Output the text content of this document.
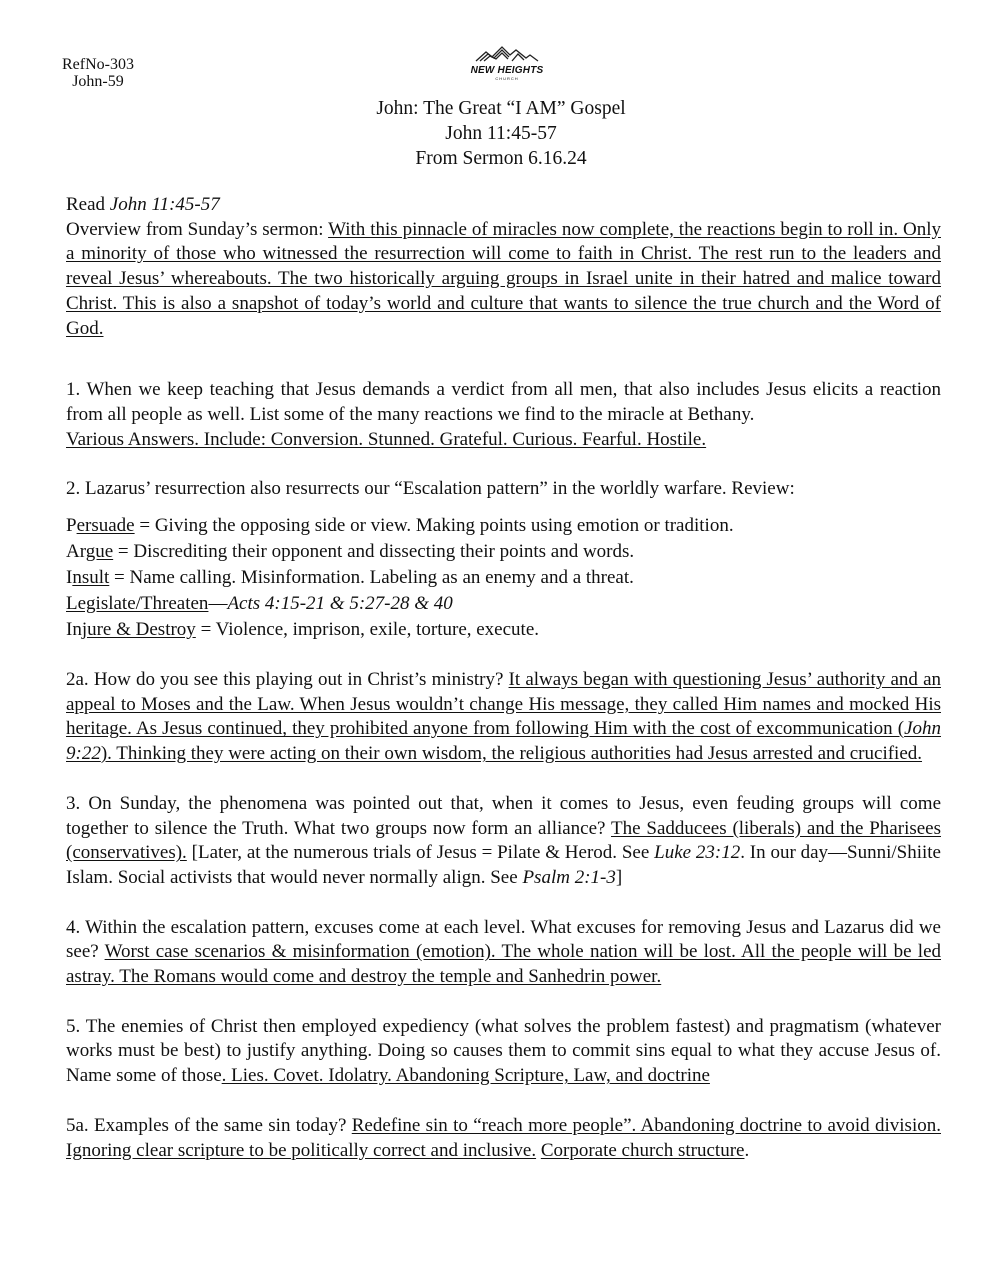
RefNo-303
John-59
NEW HEIGHTS
CHURCH
John: The Great “I AM” Gospel
John 11:45-57
From Sermon 6.16.24

Read John 11:45-57

Overview from Sunday’s sermon: With this pinnacle of miracles now complete, the reactions begin to roll in. Only a minority of those who witnessed the resurrection will come to faith in Christ. The rest run to the leaders and reveal Jesus’ whereabouts. The two historically arguing groups in Israel unite in their hatred and malice toward Christ. This is also a snapshot of today’s world and culture that wants to silence the true church and the Word of God.

1. When we keep teaching that Jesus demands a verdict from all men, that also includes Jesus elicits a reaction from all people as well. List some of the many reactions we find to the miracle at Bethany.
Various Answers. Include: Conversion. Stunned. Grateful. Curious. Fearful. Hostile.

2. Lazarus’ resurrection also resurrects our “Escalation pattern” in the worldly warfare. Review:

Persuade = Giving the opposing side or view. Making points using emotion or tradition.
Argue = Discrediting their opponent and dissecting their points and words.
Insult = Name calling. Misinformation. Labeling as an enemy and a threat.
Legislate/Threaten—Acts 4:15-21 & 5:27-28 & 40
Injure & Destroy = Violence, imprison, exile, torture, execute.

2a. How do you see this playing out in Christ’s ministry? It always began with questioning Jesus’ authority and an appeal to Moses and the Law. When Jesus wouldn’t change His message, they called Him names and mocked His heritage. As Jesus continued, they prohibited anyone from following Him with the cost of excommunication (John 9:22). Thinking they were acting on their own wisdom, the religious authorities had Jesus arrested and crucified.

3. On Sunday, the phenomena was pointed out that, when it comes to Jesus, even feuding groups will come together to silence the Truth. What two groups now form an alliance? The Sadducees (liberals) and the Pharisees (conservatives). [Later, at the numerous trials of Jesus = Pilate & Herod. See Luke 23:12. In our day—Sunni/Shiite Islam. Social activists that would never normally align. See Psalm 2:1-3]

4. Within the escalation pattern, excuses come at each level. What excuses for removing Jesus and Lazarus did we see? Worst case scenarios & misinformation (emotion). The whole nation will be lost. All the people will be led astray. The Romans would come and destroy the temple and Sanhedrin power.

5. The enemies of Christ then employed expediency (what solves the problem fastest) and pragmatism (whatever works must be best) to justify anything. Doing so causes them to commit sins equal to what they accuse Jesus of. Name some of those. Lies. Covet. Idolatry. Abandoning Scripture, Law, and doctrine

5a. Examples of the same sin today? Redefine sin to “reach more people”. Abandoning doctrine to avoid division. Ignoring clear scripture to be politically correct and inclusive. Corporate church structure.
